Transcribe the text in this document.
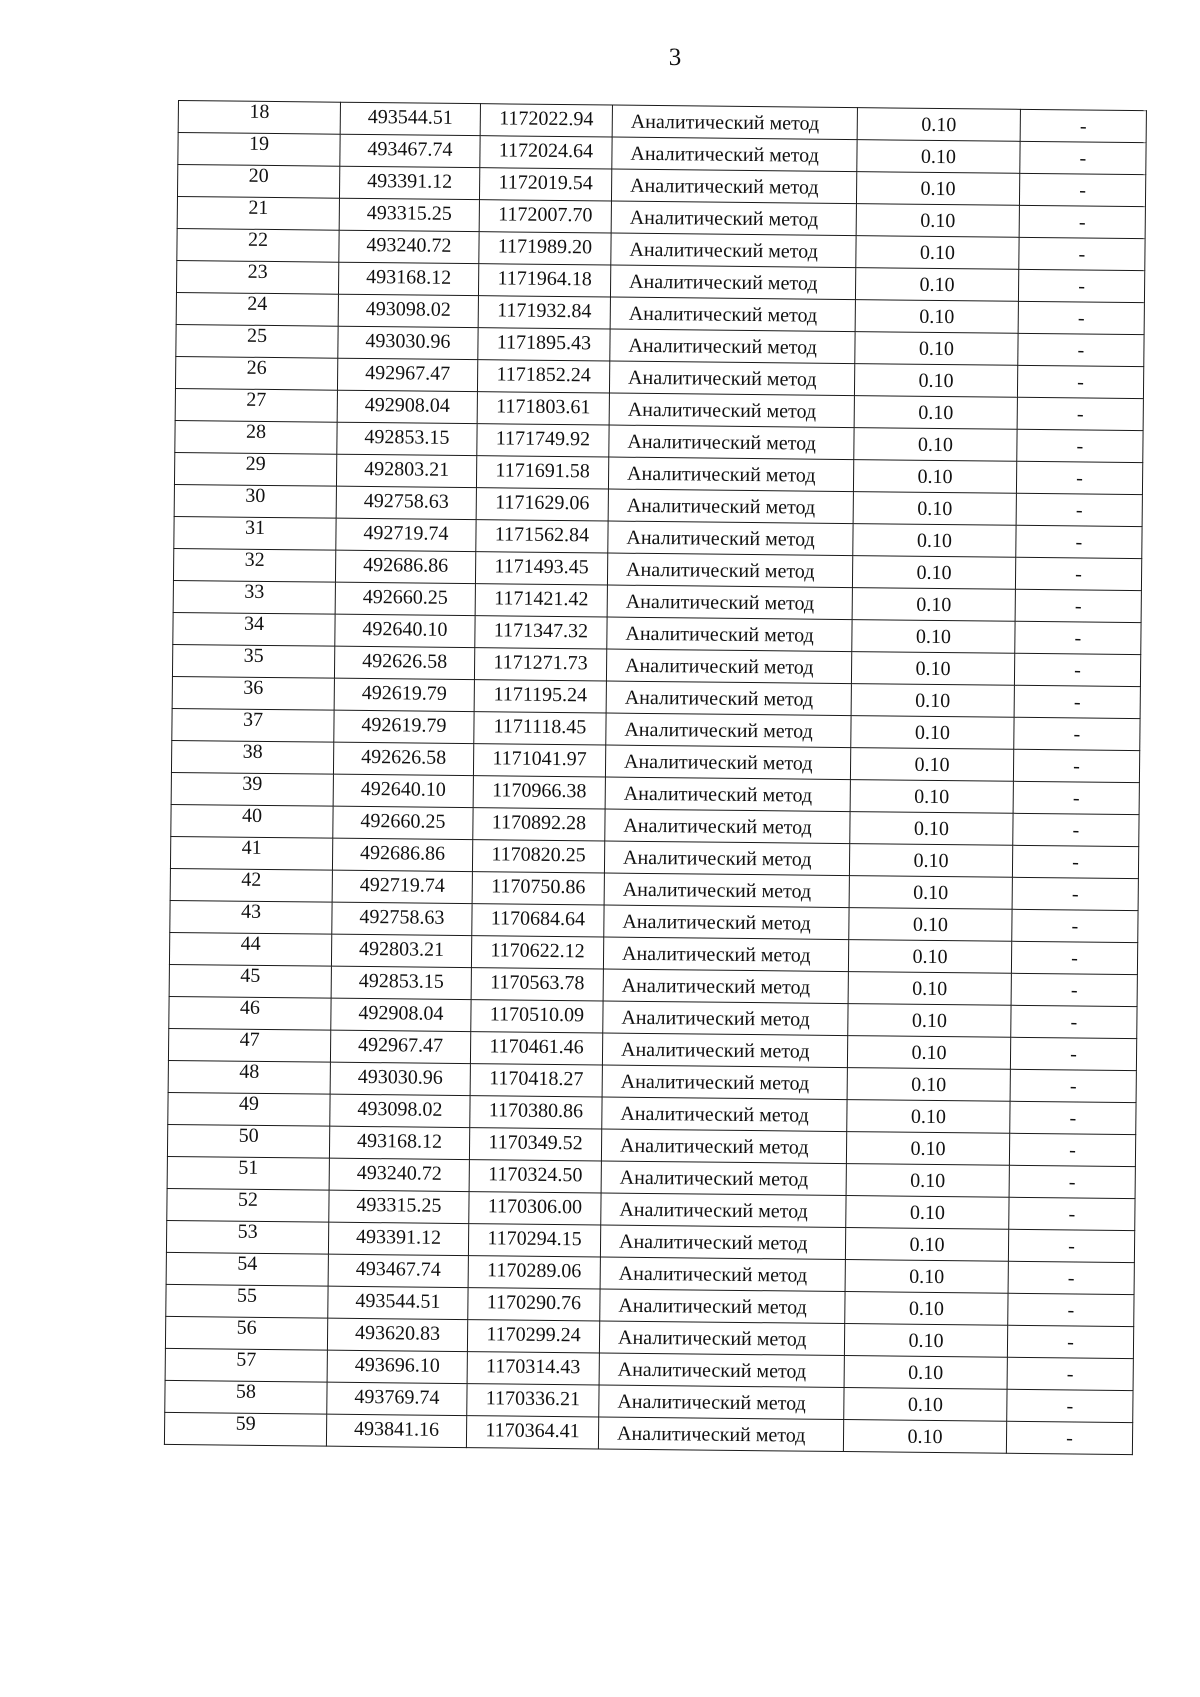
3
18	493544.51	1172022.94	Аналитический метод	0.10	-
19	493467.74	1172024.64	Аналитический метод	0.10	-
20	493391.12	1172019.54	Аналитический метод	0.10	-
21	493315.25	1172007.70	Аналитический метод	0.10	-
22	493240.72	1171989.20	Аналитический метод	0.10	-
23	493168.12	1171964.18	Аналитический метод	0.10	-
24	493098.02	1171932.84	Аналитический метод	0.10	-
25	493030.96	1171895.43	Аналитический метод	0.10	-
26	492967.47	1171852.24	Аналитический метод	0.10	-
27	492908.04	1171803.61	Аналитический метод	0.10	-
28	492853.15	1171749.92	Аналитический метод	0.10	-
29	492803.21	1171691.58	Аналитический метод	0.10	-
30	492758.63	1171629.06	Аналитический метод	0.10	-
31	492719.74	1171562.84	Аналитический метод	0.10	-
32	492686.86	1171493.45	Аналитический метод	0.10	-
33	492660.25	1171421.42	Аналитический метод	0.10	-
34	492640.10	1171347.32	Аналитический метод	0.10	-
35	492626.58	1171271.73	Аналитический метод	0.10	-
36	492619.79	1171195.24	Аналитический метод	0.10	-
37	492619.79	1171118.45	Аналитический метод	0.10	-
38	492626.58	1171041.97	Аналитический метод	0.10	-
39	492640.10	1170966.38	Аналитический метод	0.10	-
40	492660.25	1170892.28	Аналитический метод	0.10	-
41	492686.86	1170820.25	Аналитический метод	0.10	-
42	492719.74	1170750.86	Аналитический метод	0.10	-
43	492758.63	1170684.64	Аналитический метод	0.10	-
44	492803.21	1170622.12	Аналитический метод	0.10	-
45	492853.15	1170563.78	Аналитический метод	0.10	-
46	492908.04	1170510.09	Аналитический метод	0.10	-
47	492967.47	1170461.46	Аналитический метод	0.10	-
48	493030.96	1170418.27	Аналитический метод	0.10	-
49	493098.02	1170380.86	Аналитический метод	0.10	-
50	493168.12	1170349.52	Аналитический метод	0.10	-
51	493240.72	1170324.50	Аналитический метод	0.10	-
52	493315.25	1170306.00	Аналитический метод	0.10	-
53	493391.12	1170294.15	Аналитический метод	0.10	-
54	493467.74	1170289.06	Аналитический метод	0.10	-
55	493544.51	1170290.76	Аналитический метод	0.10	-
56	493620.83	1170299.24	Аналитический метод	0.10	-
57	493696.10	1170314.43	Аналитический метод	0.10	-
58	493769.74	1170336.21	Аналитический метод	0.10	-
59	493841.16	1170364.41	Аналитический метод	0.10	-
